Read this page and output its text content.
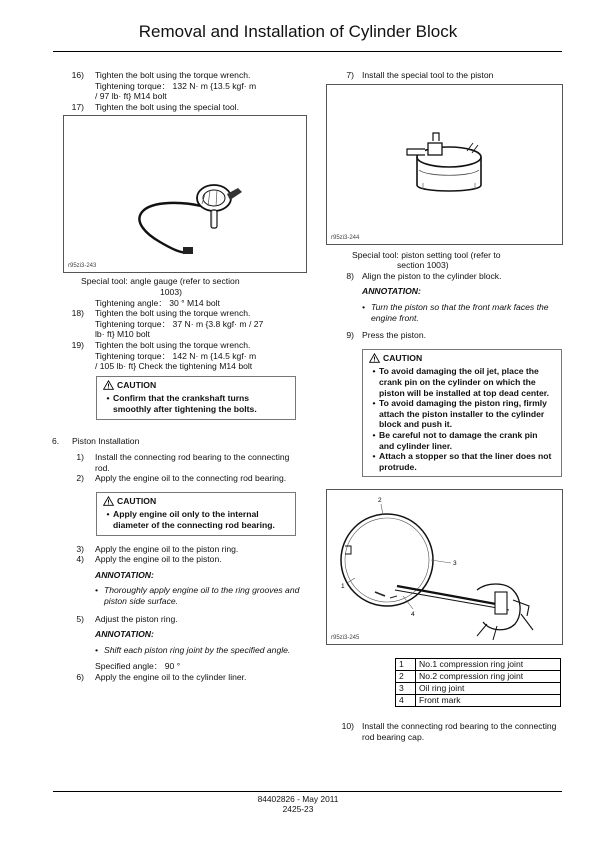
Removal and Installation of Cylinder Block
16)	Tighten the bolt using the torque wrench.
Tightening torque： 132 N· m {13.5 kgf· m
/ 97 lb· ft} M14 bolt
17)	Tighten the bolt using the special tool.
r95zi3-243
Special tool: angle gauge (refer to section
1003)
Tightening angle： 30 ° M14 bolt
18)	Tighten the bolt using the torque wrench.
Tightening torque： 37 N· m {3.8 kgf· m / 27
lb· ft} M10 bolt
19)	Tighten the bolt using the torque wrench.
Tightening torque： 142 N· m {14.5 kgf· m
/ 105 lb· ft} Check the tightening M14 bolt
CAUTION
• Confirm that the crankshaft turns smoothly after tightening the bolts.
6.	Piston Installation
1)	Install the connecting rod bearing to the connecting rod.
2)	Apply the engine oil to the connecting rod bearing.
CAUTION
• Apply engine oil only to the internal diameter of the connecting rod bearing.
3)	Apply the engine oil to the piston ring.
4)	Apply the engine oil to the piston.
ANNOTATION:
• Thoroughly apply engine oil to the ring grooves and piston side surface.
5)	Adjust the piston ring.
ANNOTATION:
• Shift each piston ring joint by the specified angle.
Specified angle： 90 °
6)	Apply the engine oil to the cylinder liner.
7) Install the special tool to the piston
r95zi3-244
Special tool: piston setting tool (refer to
section 1003)
8) Align the piston to the cylinder block.
ANNOTATION:
• Turn the piston so that the front mark faces the engine front.
9) Press the piston.
CAUTION
• To avoid damaging the oil jet, place the crank pin on the cylinder on which the piston will be installed at top dead center.
• To avoid damaging the piston ring, firmly attach the piston installer to the cylinder block and push it.
• Be careful not to damage the crank pin and cylinder liner.
• Attach a stopper so that the liner does not protrude.
1
2
3
4
r95zi3-245
1	No.1 compression ring joint
2	No.2 compression ring joint
3	Oil ring joint
4	Front mark
10) Install the connecting rod bearing to the connecting rod bearing cap.
84402826 - May 2011
2425-23
